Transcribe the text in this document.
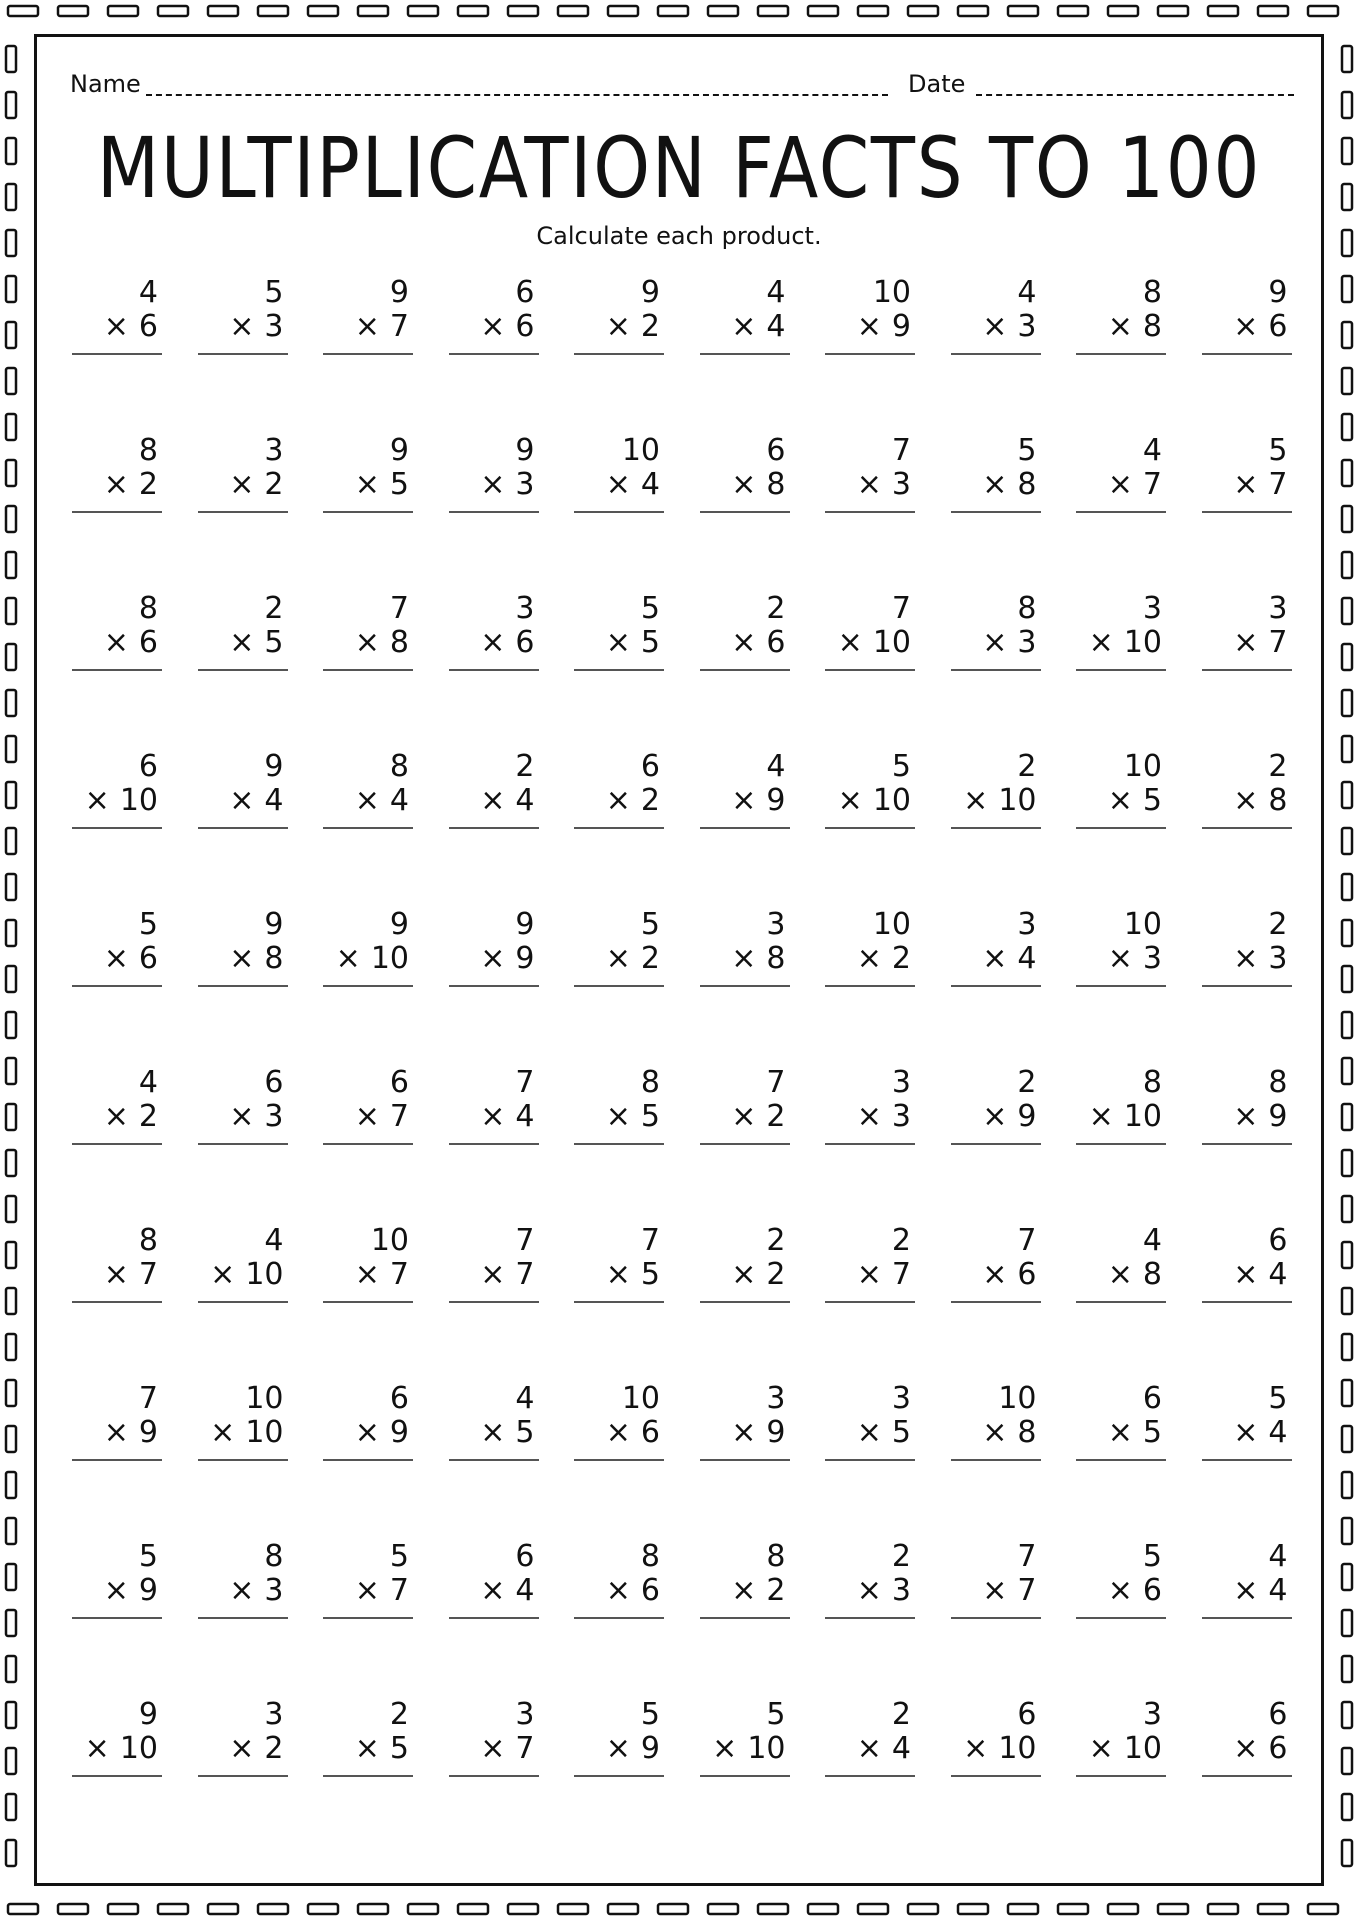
Name	Date
MULTIPLICATION FACTS TO 100
Calculate each product.
4
× 6
5
× 3
9
× 7
6
× 6
9
× 2
4
× 4
10
× 9
4
× 3
8
× 8
9
× 6
8
× 2
3
× 2
9
× 5
9
× 3
10
× 4
6
× 8
7
× 3
5
× 8
4
× 7
5
× 7
8
× 6
2
× 5
7
× 8
3
× 6
5
× 5
2
× 6
7
× 10
8
× 3
3
× 10
3
× 7
6
× 10
9
× 4
8
× 4
2
× 4
6
× 2
4
× 9
5
× 10
2
× 10
10
× 5
2
× 8
5
× 6
9
× 8
9
× 10
9
× 9
5
× 2
3
× 8
10
× 2
3
× 4
10
× 3
2
× 3
4
× 2
6
× 3
6
× 7
7
× 4
8
× 5
7
× 2
3
× 3
2
× 9
8
× 10
8
× 9
8
× 7
4
× 10
10
× 7
7
× 7
7
× 5
2
× 2
2
× 7
7
× 6
4
× 8
6
× 4
7
× 9
10
× 10
6
× 9
4
× 5
10
× 6
3
× 9
3
× 5
10
× 8
6
× 5
5
× 4
5
× 9
8
× 3
5
× 7
6
× 4
8
× 6
8
× 2
2
× 3
7
× 7
5
× 6
4
× 4
9
× 10
3
× 2
2
× 5
3
× 7
5
× 9
5
× 10
2
× 4
6
× 10
3
× 10
6
× 6
